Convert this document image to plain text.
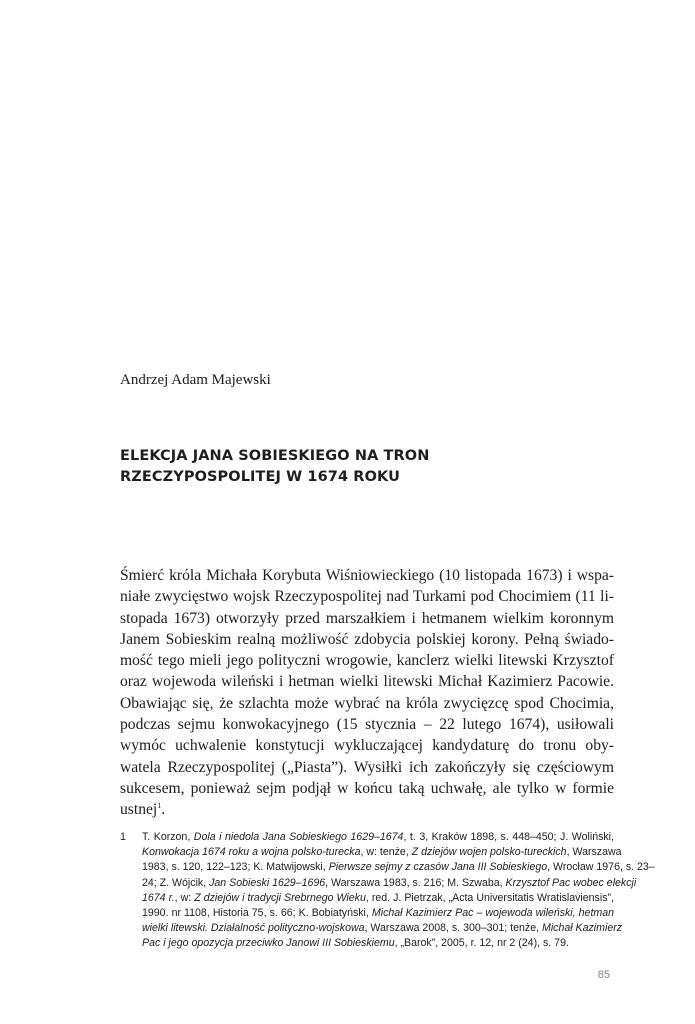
Andrzej Adam Majewski
ELEKCJA JANA SOBIESKIEGO NA TRON
RZECZYPOSPOLITEJ W 1674 ROKU
Śmierć króla Michała Korybuta Wiśniowieckiego (10 listopada 1673) i wspa-
niałe zwycięstwo wojsk Rzeczypospolitej nad Turkami pod Chocimiem (11 li-
stopada 1673) otworzyły przed marszałkiem i hetmanem wielkim koronnym
Janem Sobieskim realną możliwość zdobycia polskiej korony. Pełną świado-
mość tego mieli jego polityczni wrogowie, kanclerz wielki litewski Krzysztof
oraz wojewoda wileński i hetman wielki litewski Michał Kazimierz Pacowie.
Obawiając się, że szlachta może wybrać na króla zwycięzcę spod Chocimia,
podczas sejmu konwokacyjnego (15 stycznia – 22 lutego 1674), usiłowali
wymóc uchwalenie konstytucji wykluczającej kandydaturę do tronu oby-
watela Rzeczypospolitej („Piasta”). Wysiłki ich zakończyły się częściowym
sukcesem, ponieważ sejm podjął w końcu taką uchwałę, ale tylko w formie
ustnej$^1$.
1 T. Korzon, Dola i niedola Jana Sobieskiego 1629–1674, t. 3, Kraków 1898, s. 448–450; J. Woliński,
Konwokacja 1674 roku a wojna polsko-turecka, w: tenże, Z dziejów wojen polsko-tureckich, Warszawa
1983, s. 120, 122–123; K. Matwijowski, Pierwsze sejmy z czasów Jana III Sobieskiego, Wrocław 1976, s. 23–
24; Z. Wójcik, Jan Sobieski 1629–1696, Warszawa 1983, s. 216; M. Szwaba, Krzysztof Pac wobec elekcji
1674 r., w: Z dziejów i tradycji Srebrnego Wieku, red. J. Pietrzak, „Acta Universitatis Wratislaviensis”,
1990. nr 1108, Historia 75, s. 66; K. Bobiatyński, Michał Kazimierz Pac – wojewoda wileński, hetman
wielki litewski. Działalność polityczno-wojskowa, Warszawa 2008, s. 300–301; tenże, Michał Kazimierz
Pac i jego opozycja przeciwko Janowi III Sobieskiemu, „Barok”, 2005, r. 12, nr 2 (24), s. 79.
85
